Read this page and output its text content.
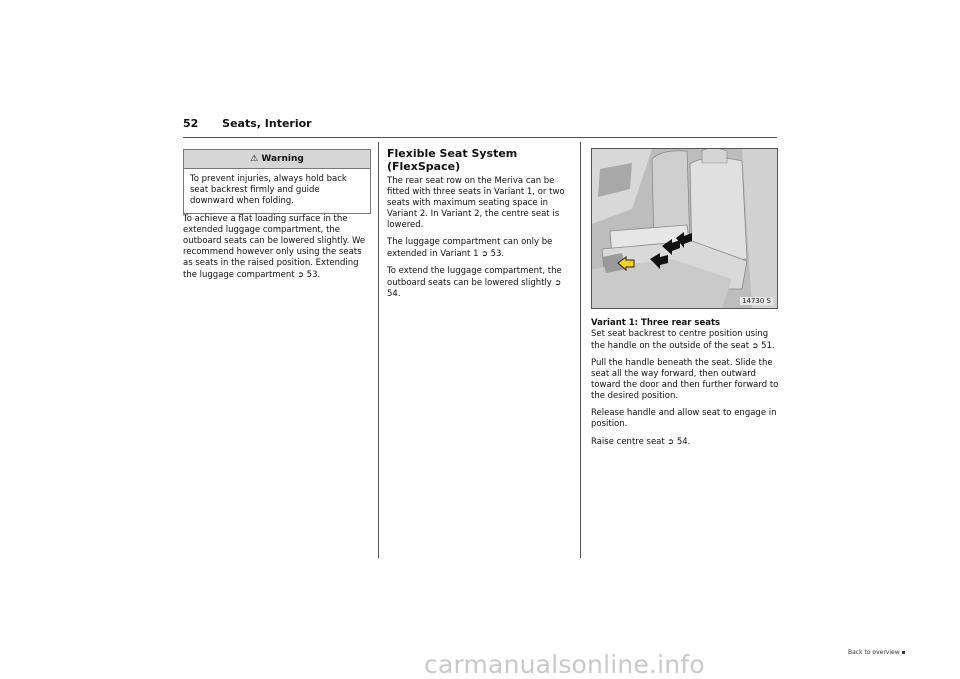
52 Seats, Interior
⚠ Warning
To prevent injuries, always hold back seat backrest firmly and guide downward when folding.

To achieve a flat loading surface in the extended luggage compartment, the outboard seats can be lowered slightly. We recommend however only using the seats as seats in the raised position. Extending the luggage compartment ➲ 53.

Flexible Seat System (FlexSpace)

The rear seat row on the Meriva can be fitted with three seats in Variant 1, or two seats with maximum seating space in Variant 2. In Variant 2, the centre seat is lowered.

The luggage compartment can only be extended in Variant 1 ➲ 53.

To extend the luggage compartment, the outboard seats can be lowered slightly ➲ 54.

14730 S
Variant 1: Three rear seats

Set seat backrest to centre position using the handle on the outside of the seat ➲ 51.

Pull the handle beneath the seat. Slide the seat all the way forward, then outward toward the door and then further forward to the desired position.

Release handle and allow seat to engage in position.

Raise centre seat ➲ 54.

Back to overview ▪
carmanualsonline.info
